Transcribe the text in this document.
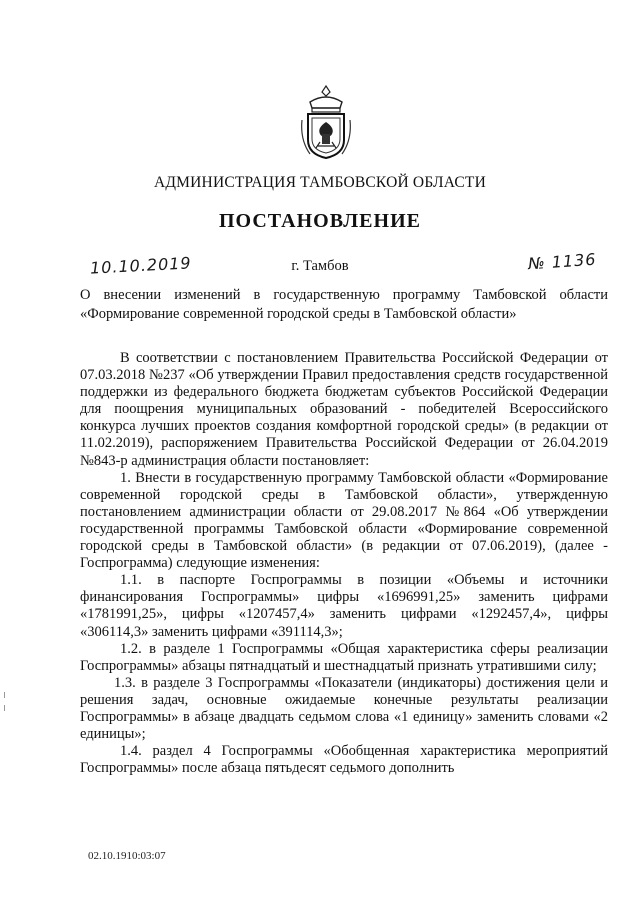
АДМИНИСТРАЦИЯ ТАМБОВСКОЙ ОБЛАСТИ
ПОСТАНОВЛЕНИЕ
10.10.2019	г. Тамбов	№ 1136
О внесении изменений в государственную программу Тамбовской области «Формирование современной городской среды в Тамбовской области»

В соответствии с постановлением Правительства Российской Федерации от 07.03.2018 №237 «Об утверждении Правил предоставления средств государственной поддержки из федерального бюджета бюджетам субъектов Российской Федерации для поощрения муниципальных образований - победителей Всероссийского конкурса лучших проектов создания комфортной городской среды» (в редакции от 11.02.2019), распоряжением Правительства Российской Федерации от 26.04.2019 №843-р администрация области постановляет:

1. Внести в государственную программу Тамбовской области «Формирование современной городской среды в Тамбовской области», утвержденную постановлением администрации области от 29.08.2017 №864 «Об утверждении государственной программы Тамбовской области «Формирование современной городской среды в Тамбовской области» (в редакции от 07.06.2019), (далее - Госпрограмма) следующие изменения:

1.1. в паспорте Госпрограммы в позиции «Объемы и источники финансирования Госпрограммы» цифры «1696991,25» заменить цифрами «1781991,25», цифры «1207457,4» заменить цифрами «1292457,4», цифры «306114,3» заменить цифрами «391114,3»;

1.2. в разделе 1 Госпрограммы «Общая характеристика сферы реализации Госпрограммы» абзацы пятнадцатый и шестнадцатый признать утратившими силу;

1.3. в разделе 3 Госпрограммы «Показатели (индикаторы) достижения цели и решения задач, основные ожидаемые конечные результаты реализации Госпрограммы» в абзаце двадцать седьмом слова «1 единицу» заменить словами «2 единицы»;

1.4. раздел 4 Госпрограммы «Обобщенная характеристика мероприятий Госпрограммы» после абзаца пятьдесят седьмого дополнить

02.10.1910:03:07
